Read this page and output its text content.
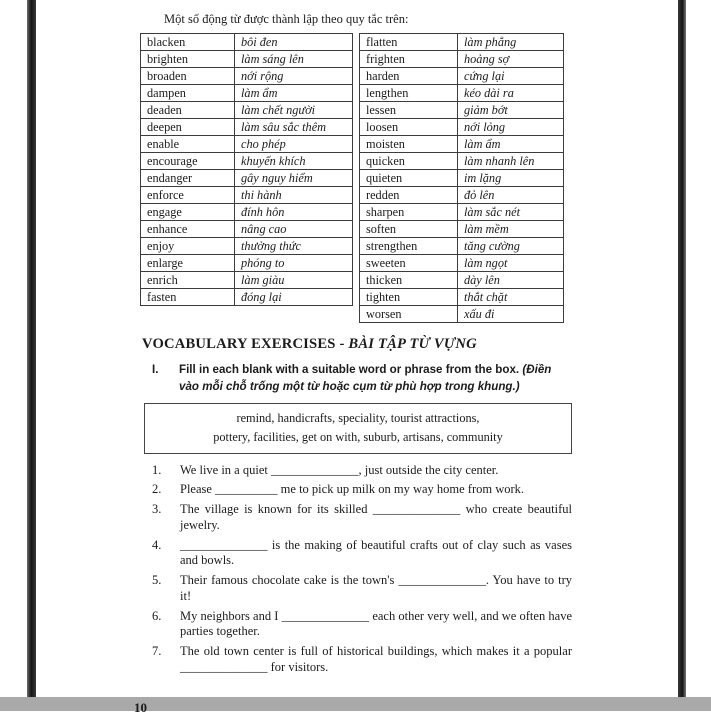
Một số động từ được thành lập theo quy tắc trên:

blacken	bôi đen
brighten	làm sáng lên
broaden	nới rộng
dampen	làm ẩm
deaden	làm chết người
deepen	làm sâu sắc thêm
enable	cho phép
encourage	khuyến khích
endanger	gây nguy hiểm
enforce	thi hành
engage	đính hôn
enhance	nâng cao
enjoy	thưởng thức
enlarge	phóng to
enrich	làm giàu
fasten	đóng lại
flatten	làm phẳng
frighten	hoảng sợ
harden	cứng lại
lengthen	kéo dài ra
lessen	giảm bớt
loosen	nới lỏng
moisten	làm ẩm
quicken	làm nhanh lên
quieten	im lặng
redden	đỏ lên
sharpen	làm sắc nét
soften	làm mềm
strengthen	tăng cường
sweeten	làm ngọt
thicken	dày lên
tighten	thắt chặt
worsen	xấu đi
VOCABULARY EXERCISES - BÀI TẬP TỪ VỰNG
I.	Fill in each blank with a suitable word or phrase from the box. (Điền vào mỗi chỗ trống một từ hoặc cụm từ phù hợp trong khung.)

remind, handicrafts, speciality, tourist attractions,
pottery, facilities, get on with, suburb, artisans, community
1.	We live in a quiet ______________, just outside the city center.
2.	Please __________ me to pick up milk on my way home from work.
3.	The village is known for its skilled ______________ who create beautiful jewelry.
4.	______________ is the making of beautiful crafts out of clay such as vases and bowls.
5.	Their famous chocolate cake is the town's ______________. You have to try it!
6.	My neighbors and I ______________ each other very well, and we often have parties together.
7.	The old town center is full of historical buildings, which makes it a popular ______________ for visitors.
10
